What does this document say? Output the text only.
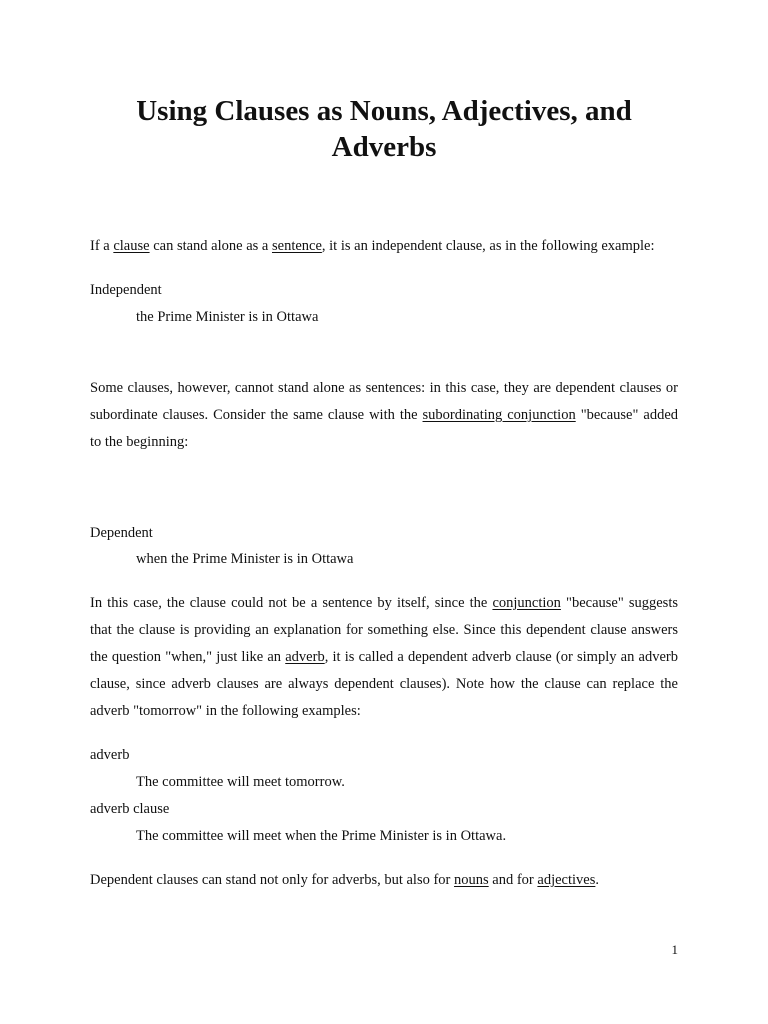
Using Clauses as Nouns, Adjectives, and Adverbs

If a clause can stand alone as a sentence, it is an independent clause, as in the following example:

Independent

the Prime Minister is in Ottawa

Some clauses, however, cannot stand alone as sentences: in this case, they are dependent clauses or subordinate clauses. Consider the same clause with the subordinating conjunction "because" added to the beginning:

Dependent

when the Prime Minister is in Ottawa

In this case, the clause could not be a sentence by itself, since the conjunction "because" suggests that the clause is providing an explanation for something else. Since this dependent clause answers the question "when," just like an adverb, it is called a dependent adverb clause (or simply an adverb clause, since adverb clauses are always dependent clauses). Note how the clause can replace the adverb "tomorrow" in the following examples:

adverb

The committee will meet tomorrow.

adverb clause

The committee will meet when the Prime Minister is in Ottawa.

Dependent clauses can stand not only for adverbs, but also for nouns and for adjectives.

1
